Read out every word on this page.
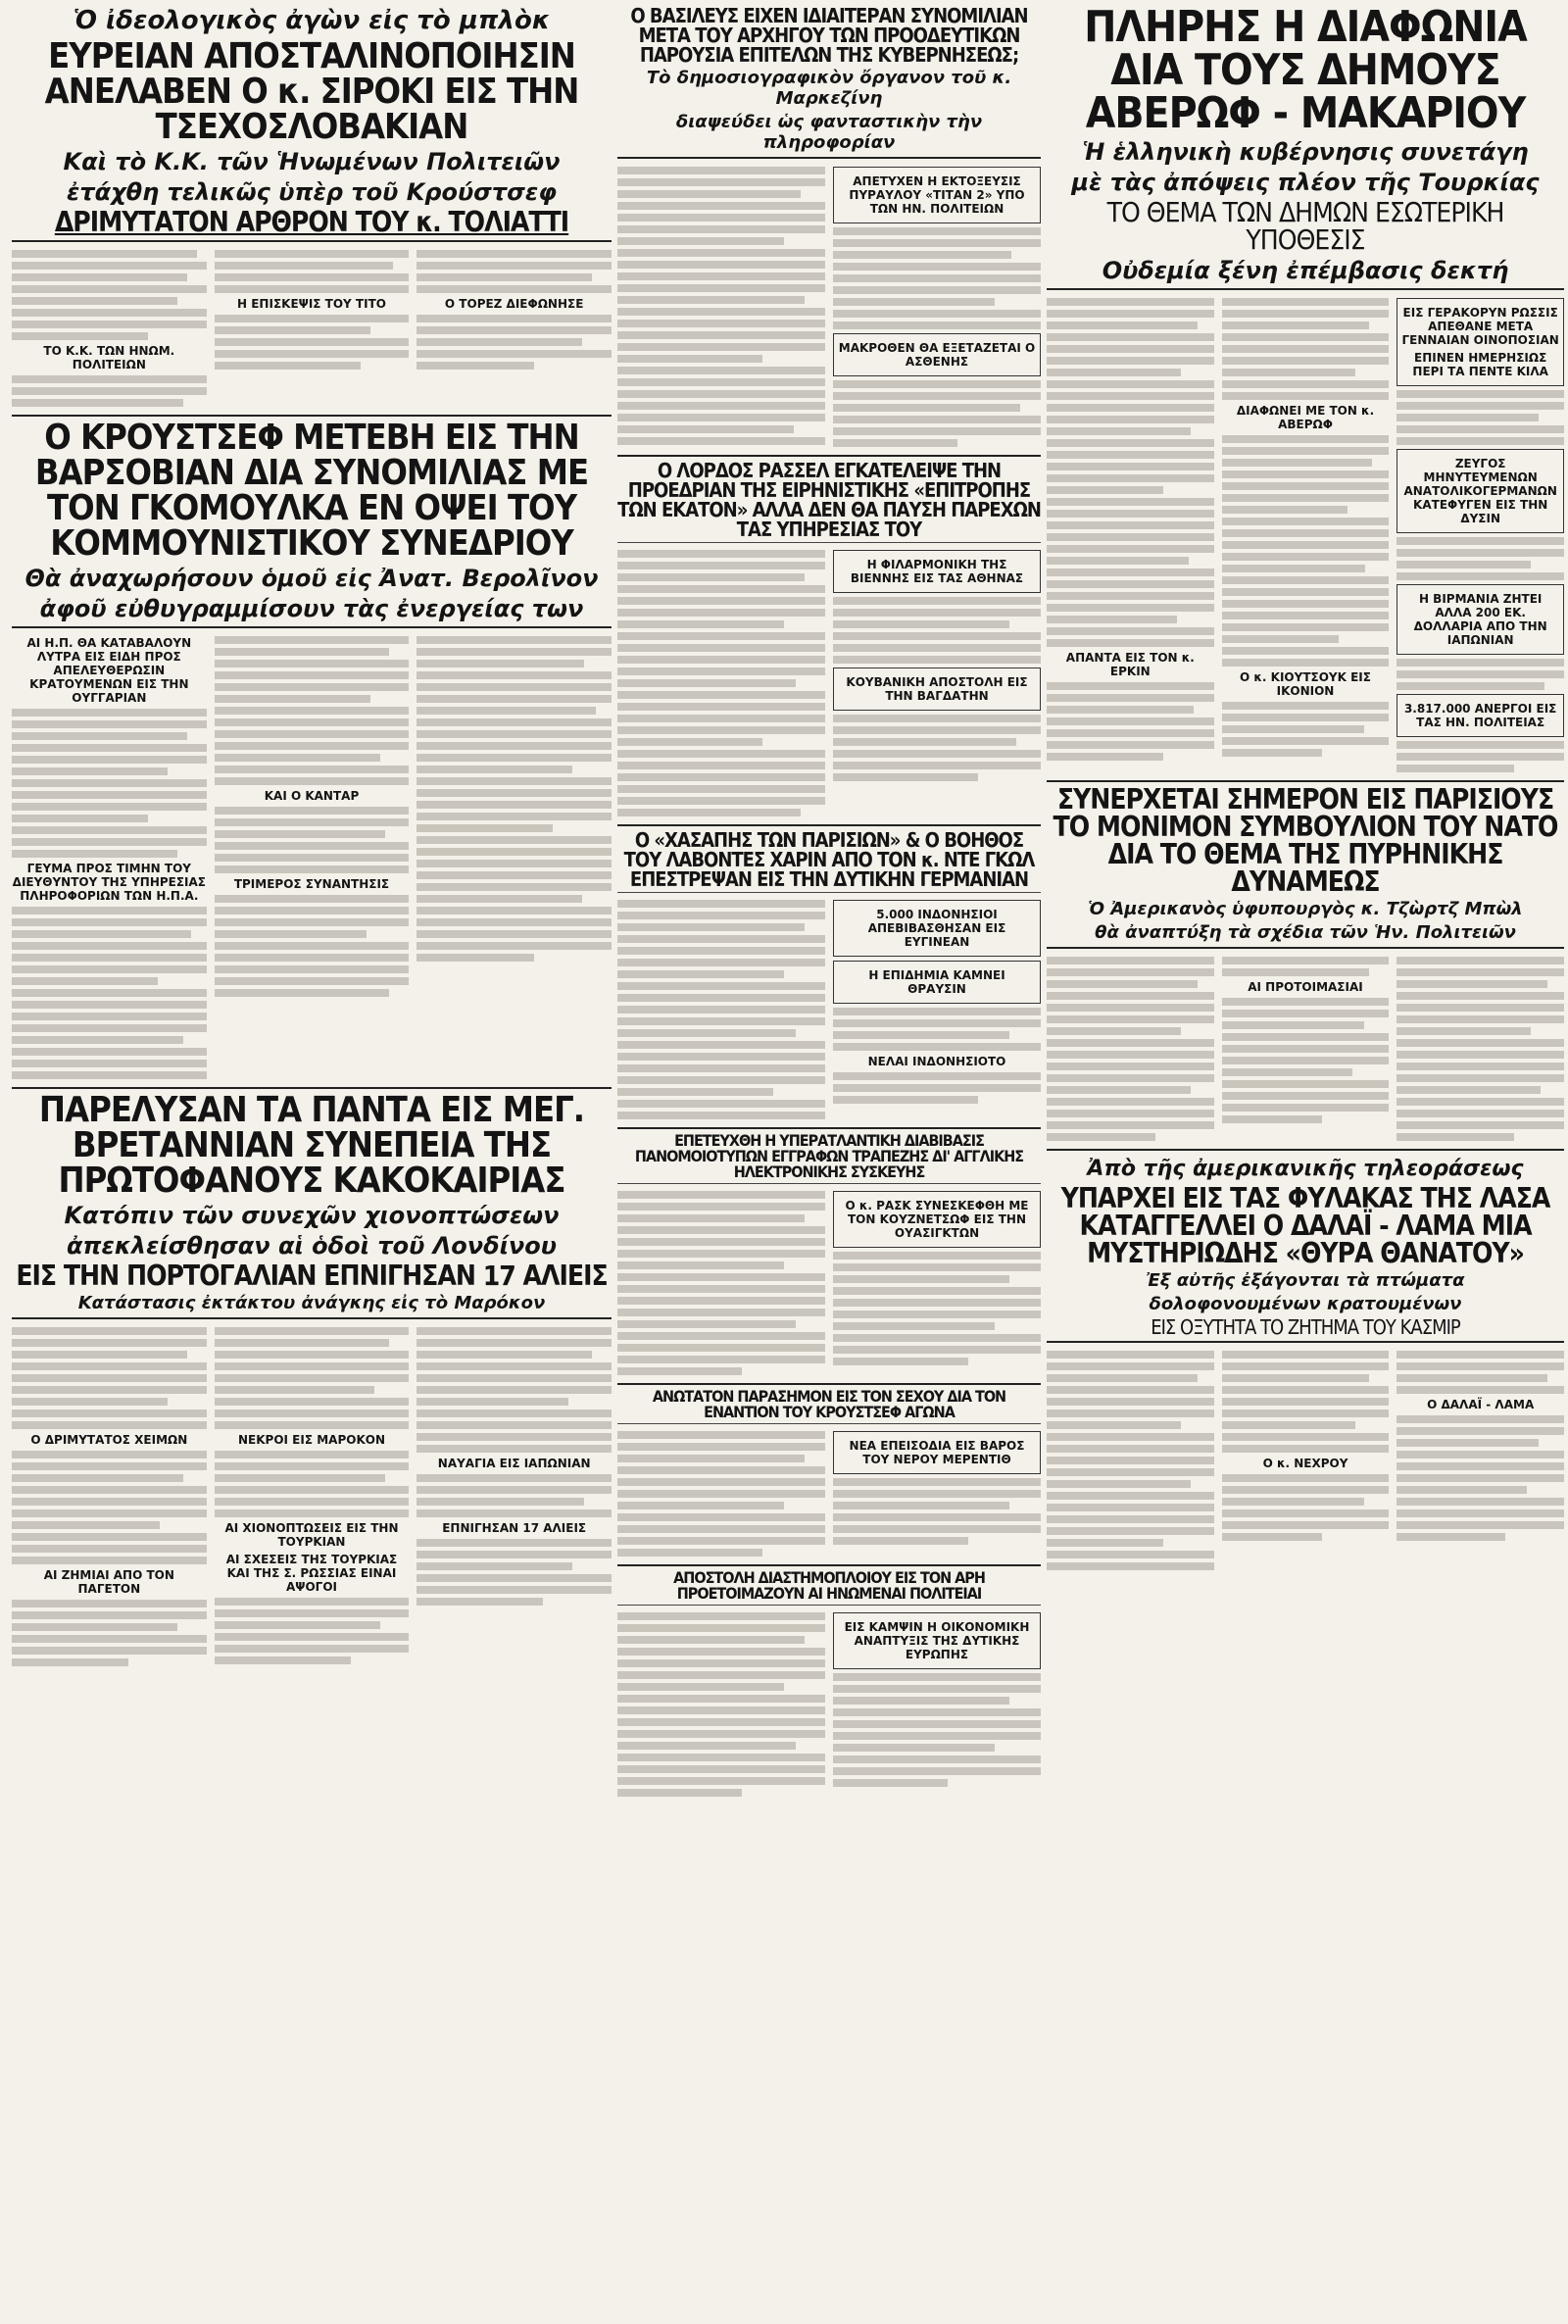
Ὁ ἰδεολογικὸς ἀγὼν εἰς τὸ μπλὸκ
ΕΥΡΕΙΑΝ ΑΠΟΣΤΑΛΙΝΟΠΟΙΗΣΙΝ ΑΝΕΛΑΒΕΝ Ο κ. ΣΙΡΟΚΙ ΕΙΣ ΤΗΝ ΤΣΕΧΟΣΛΟΒΑΚΙΑΝ
Καὶ τὸ Κ.Κ. τῶν Ἡνωμένων Πολιτειῶν
ἐτάχθη τελικῶς ὑπὲρ τοῦ Κρούστσεφ
ΔΡΙΜΥΤΑΤΟΝ ΑΡΘΡΟΝ ΤΟΥ κ. ΤΟΛΙΑΤΤΙ
ΤΟ Κ.Κ. ΤΩΝ ΗΝΩΜ. ΠΟΛΙΤΕΙΩΝ
Η ΕΠΙΣΚΕΨΙΣ ΤΟΥ ΤΙΤΟ	Ο ΤΟΡΕΖ ΔΙΕΦΩΝΗΣΕ
Ο ΚΡΟΥΣΤΣΕΦ ΜΕΤΕΒΗ ΕΙΣ ΤΗΝ ΒΑΡΣΟΒΙΑΝ ΔΙΑ ΣΥΝΟΜΙΛΙΑΣ ΜΕ ΤΟΝ ΓΚΟΜΟΥΛΚΑ ΕΝ ΟΨΕΙ ΤΟΥ ΚΟΜΜΟΥΝΙΣΤΙΚΟΥ ΣΥΝΕΔΡΙΟΥ
Θὰ ἀναχωρήσουν ὁμοῦ εἰς Ἀνατ. Βερολῖνον
ἀφοῦ εὐθυγραμμίσουν τὰς ἐνεργείας των
ΑΙ Η.Π. ΘΑ ΚΑΤΑΒΑΛΟΥΝ ΛΥΤΡΑ ΕΙΣ ΕΙΔΗ ΠΡΟΣ ΑΠΕΛΕΥΘΕΡΩΣΙΝ ΚΡΑΤΟΥΜΕΝΩΝ ΕΙΣ ΤΗΝ ΟΥΓΓΑΡΙΑΝ
ΓΕΥΜΑ ΠΡΟΣ ΤΙΜΗΝ ΤΟΥ ΔΙΕΥΘΥΝΤΟΥ ΤΗΣ ΥΠΗΡΕΣΙΑΣ ΠΛΗΡΟΦΟΡΙΩΝ ΤΩΝ Η.Π.Α.
ΚΑΙ Ο ΚΑΝΤΑΡ
ΤΡΙΜΕΡΟΣ ΣΥΝΑΝΤΗΣΙΣ
ΠΑΡΕΛΥΣΑΝ ΤΑ ΠΑΝΤΑ ΕΙΣ ΜΕΓ. ΒΡΕΤΑΝΝΙΑΝ ΣΥΝΕΠΕΙΑ ΤΗΣ ΠΡΩΤΟΦΑΝΟΥΣ ΚΑΚΟΚΑΙΡΙΑΣ
Κατόπιν τῶν συνεχῶν χιονοπτώσεων
ἀπεκλείσθησαν αἱ ὁδοὶ τοῦ Λονδίνου
ΕΙΣ ΤΗΝ ΠΟΡΤΟΓΑΛΙΑΝ ΕΠΝΙΓΗΣΑΝ 17 ΑΛΙΕΙΣ
Κατάστασις ἐκτάκτου ἀνάγκης εἰς τὸ Μαρόκον
Ο ΔΡΙΜΥΤΑΤΟΣ ΧΕΙΜΩΝ
ΑΙ ΖΗΜΙΑΙ ΑΠΟ ΤΟΝ ΠΑΓΕΤΟΝ
ΝΕΚΡΟΙ ΕΙΣ ΜΑΡΟΚΟΝ
ΑΙ ΧΙΟΝΟΠΤΩΣΕΙΣ ΕΙΣ ΤΗΝ ΤΟΥΡΚΙΑΝ
ΑΙ ΣΧΕΣΕΙΣ ΤΗΣ ΤΟΥΡΚΙΑΣ ΚΑΙ ΤΗΣ Σ. ΡΩΣΣΙΑΣ ΕΙΝΑΙ ΑΨΟΓΟΙ
ΝΑΥΑΓΙΑ ΕΙΣ ΙΑΠΩΝΙΑΝ
ΕΠΝΙΓΗΣΑΝ 17 ΑΛΙΕΙΣ
Ο ΒΑΣΙΛΕΥΣ ΕΙΧΕΝ ΙΔΙΑΙΤΕΡΑΝ ΣΥΝΟΜΙΛΙΑΝ ΜΕΤΑ ΤΟΥ ΑΡΧΗΓΟΥ ΤΩΝ ΠΡΟΟΔΕΥΤΙΚΩΝ ΠΑΡΟΥΣΙΑ ΕΠΙΤΕΛΩΝ ΤΗΣ ΚΥΒΕΡΝΗΣΕΩΣ;
Τὸ δημοσιογραφικὸν ὄργανον τοῦ κ. Μαρκεζίνη
διαψεύδει ὡς φανταστικὴν τὴν πληροφορίαν
ΑΠΕΤΥΧΕΝ Η ΕΚΤΟΞΕΥΣΙΣ ΠΥΡΑΥΛΟΥ «ΤΙΤΑΝ 2» ΥΠΟ ΤΩΝ ΗΝ. ΠΟΛΙΤΕΙΩΝ
ΜΑΚΡΟΘΕΝ ΘΑ ΕΞΕΤΑΖΕΤΑΙ Ο ΑΣΘΕΝΗΣ
Ο ΛΟΡΔΟΣ ΡΑΣΣΕΛ ΕΓΚΑΤΕΛΕΙΨΕ ΤΗΝ ΠΡΟΕΔΡΙΑΝ ΤΗΣ ΕΙΡΗΝΙΣΤΙΚΗΣ «ΕΠΙΤΡΟΠΗΣ ΤΩΝ ΕΚΑΤΟΝ» ΑΛΛΑ ΔΕΝ ΘΑ ΠΑΥΣΗ ΠΑΡΕΧΩΝ ΤΑΣ ΥΠΗΡΕΣΙΑΣ ΤΟΥ
Η ΦΙΛΑΡΜΟΝΙΚΗ ΤΗΣ ΒΙΕΝΝΗΣ ΕΙΣ ΤΑΣ ΑΘΗΝΑΣ
ΚΟΥΒΑΝΙΚΗ ΑΠΟΣΤΟΛΗ ΕΙΣ ΤΗΝ ΒΑΓΔΑΤΗΝ
Ο «ΧΑΣΑΠΗΣ ΤΩΝ ΠΑΡΙΣΙΩΝ» & Ο ΒΟΗΘΟΣ ΤΟΥ ΛΑΒΟΝΤΕΣ ΧΑΡΙΝ ΑΠΟ ΤΟΝ κ. ΝΤΕ ΓΚΩΛ ΕΠΕΣΤΡΕΨΑΝ ΕΙΣ ΤΗΝ ΔΥΤΙΚΗΝ ΓΕΡΜΑΝΙΑΝ
5.000 ΙΝΔΟΝΗΣΙΟΙ ΑΠΕΒΙΒΑΣΘΗΣΑΝ ΕΙΣ ΕΥΓΙΝΕΑΝ
Η ΕΠΙΔΗΜΙΑ ΚΑΜΝΕΙ ΘΡΑΥΣΙΝ
ΝΕΛΑΙ ΙΝΔΟΝΗΣΙΟΤΟ
ΕΠΕΤΕΥΧΘΗ Η ΥΠΕΡΑΤΛΑΝΤΙΚΗ ΔΙΑΒΙΒΑΣΙΣ ΠΑΝΟΜΟΙΟΤΥΠΩΝ ΕΓΓΡΑΦΩΝ ΤΡΑΠΕΖΗΣ ΔΙ' ΑΓΓΛΙΚΗΣ ΗΛΕΚΤΡΟΝΙΚΗΣ ΣΥΣΚΕΥΗΣ
Ο κ. ΡΑΣΚ ΣΥΝΕΣΚΕΦΘΗ ΜΕ ΤΟΝ ΚΟΥΖΝΕΤΣΩΦ ΕΙΣ ΤΗΝ ΟΥΑΣΙΓΚΤΩΝ
ΑΝΩΤΑΤΟΝ ΠΑΡΑΣΗΜΟΝ ΕΙΣ ΤΟΝ ΣΕΧΟΥ ΔΙΑ ΤΟΝ ΕΝΑΝΤΙΟΝ ΤΟΥ ΚΡΟΥΣΤΣΕΦ ΑΓΩΝΑ
ΝΕΑ ΕΠΕΙΣΟΔΙΑ ΕΙΣ ΒΑΡΟΣ ΤΟΥ ΝΕΡΟΥ ΜΕΡΕΝΤΙΘ
ΑΠΟΣΤΟΛΗ ΔΙΑΣΤΗΜΟΠΛΟΙΟΥ ΕΙΣ ΤΟΝ ΑΡΗ ΠΡΟΕΤΟΙΜΑΖΟΥΝ ΑΙ ΗΝΩΜΕΝΑΙ ΠΟΛΙΤΕΙΑΙ
ΕΙΣ ΚΑΜΨΙΝ Η ΟΙΚΟΝΟΜΙΚΗ ΑΝΑΠΤΥΞΙΣ ΤΗΣ ΔΥΤΙΚΗΣ ΕΥΡΩΠΗΣ
ΠΛΗΡΗΣ Η ΔΙΑΦΩΝΙΑ ΔΙΑ ΤΟΥΣ ΔΗΜΟΥΣ ΑΒΕΡΩΦ - ΜΑΚΑΡΙΟΥ
Ἡ ἑλληνικὴ κυβέρνησις συνετάγη
μὲ τὰς ἀπόψεις πλέον τῆς Τουρκίας
ΤΟ ΘΕΜΑ ΤΩΝ ΔΗΜΩΝ ΕΣΩΤΕΡΙΚΗ ΥΠΟΘΕΣΙΣ
Οὐδεμία ξένη ἐπέμβασις δεκτή
ΑΠΑΝΤΑ ΕΙΣ ΤΟΝ κ. ΕΡΚΙΝ
ΔΙΑΦΩΝΕΙ ΜΕ ΤΟΝ κ. ΑΒΕΡΩΦ
Ο κ. ΚΙΟΥΤΣΟΥΚ ΕΙΣ ΙΚΟΝΙΟΝ
ΕΙΣ ΓΕΡΑΚΟΡΥΝ ΡΩΣΣΙΣ ΑΠΕΘΑΝΕ ΜΕΤΑ ΓΕΝΝΑΙΑΝ ΟΙΝΟΠΟΣΙΑΝ
ΕΠΙΝΕΝ ΗΜΕΡΗΣΙΩΣ ΠΕΡΙ ΤΑ ΠΕΝΤΕ ΚΙΛΑ
ΖΕΥΓΟΣ ΜΗΝΥΤΕΥΜΕΝΩΝ ΑΝΑΤΟΛΙΚΟΓΕΡΜΑΝΩΝ ΚΑΤΕΦΥΓΕΝ ΕΙΣ ΤΗΝ ΔΥΣΙΝ
Η ΒΙΡΜΑΝΙΑ ΖΗΤΕΙ ΑΛΛΑ 200 ΕΚ. ΔΟΛΛΑΡΙΑ ΑΠΟ ΤΗΝ ΙΑΠΩΝΙΑΝ
3.817.000 ΑΝΕΡΓΟΙ ΕΙΣ ΤΑΣ ΗΝ. ΠΟΛΙΤΕΙΑΣ
ΣΥΝΕΡΧΕΤΑΙ ΣΗΜΕΡΟΝ ΕΙΣ ΠΑΡΙΣΙΟΥΣ ΤΟ ΜΟΝΙΜΟΝ ΣΥΜΒΟΥΛΙΟΝ ΤΟΥ ΝΑΤΟ ΔΙΑ ΤΟ ΘΕΜΑ ΤΗΣ ΠΥΡΗΝΙΚΗΣ ΔΥΝΑΜΕΩΣ
Ὁ Ἀμερικανὸς ὑφυπουργὸς κ. Τζὼρτζ Μπὼλ
θὰ ἀναπτύξη τὰ σχέδια τῶν Ἡν. Πολιτειῶν
ΑΙ ΠΡΟΤΟΙΜΑΣΙΑΙ
Ἀπὸ τῆς ἀμερικανικῆς τηλεοράσεως
ΥΠΑΡΧΕΙ ΕΙΣ ΤΑΣ ΦΥΛΑΚΑΣ ΤΗΣ ΛΑΣΑ ΚΑΤΑΓΓΕΛΛΕΙ Ο ΔΑΛΑΪ - ΛΑΜΑ ΜΙΑ ΜΥΣΤΗΡΙΩΔΗΣ «ΘΥΡΑ ΘΑΝΑΤΟΥ»
Ἐξ αὐτῆς ἐξάγονται τὰ πτώματα
δολοφονουμένων κρατουμένων
ΕΙΣ ΟΞΥΤΗΤΑ ΤΟ ΖΗΤΗΜΑ ΤΟΥ ΚΑΣΜΙΡ
Ο κ. ΝΕΧΡΟΥ
Ο ΔΑΛΑΪ - ΛΑΜΑ
